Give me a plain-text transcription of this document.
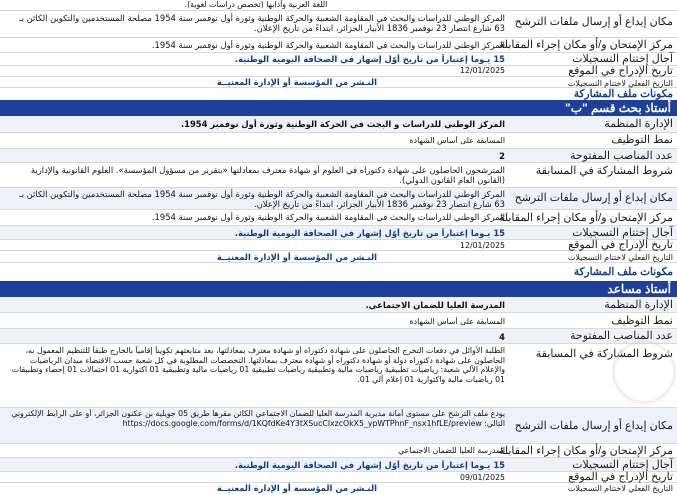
اللغة العربية وآدابها (تخصص دراسات لغوية).
مكان إيداع أو إرسال ملفات الترشح
المركز الوطني للدراسات والبحث في المقاومة الشعبية والحركة الوطنية وثورة أول نوفمبر سنة 1954 مصلحة المستخدمين والتكوين الكائن بـ 63 شارع انتصار 23 نوفمبر 1836 الأبيار الجزائر، ابتداءً من تاريخ الإعلان.
مركز الإمتحان و/أو مكان إجراء المقابلة
المركز الوطني للدراسات والبحث في المقاومة الشعبية والحركة الوطنية وثورة أول نوفمبر سنة 1954.
آجال إختتام التسجيلات
15 يـوما إعتباراً من تاريخ أوّل إشهار في الصحافة اليومية الوطنية.
تاريخ الإدراج في الموقع
12/01/2025
التاريخ الفعلي لاختتام التسجيلات
النـشر من المؤسسة أو الإدارة المعنيــة
مكونات ملف المشاركة
أستاذ بحث قسم "ب"
الإدارة المنظمة
المركز الوطني للدراسات و البحث في الحركة الوطنية وثورة أول نوفمبر 1954.
نمط التوظيف
المسابقة على أساس الشهادة
عدد المناصب المفتوحة
2
شروط المشاركة في المسابقة
المترشحون الحاصلون على شهادة دكتوراه في العلوم أو شهادة معترف بمعادلتها «بتقرير من مسؤول المؤسسة». العلوم القانونية والإدارية (القانون العام القانون الدولي).
مكان إيداع أو إرسال ملفات الترشح
المركز الوطني للدراسات والبحث في المقاومة الشعبية والحركة الوطنية وثورة أول نوفمبر سنة 1954 مصلحة المستخدمين والتكوين الكائن بـ 63 شارع انتصار 23 نوفمبر 1836 الأبيار الجزائر، ابتداءً من تاريخ الإعلان.
مركز الإمتحان و/أو مكان إجراء المقابلة
المركز الوطني للدراسات والبحث في المقاومة الشعبية والحركة الوطنية وثورة أول نوفمبر سنة 1954.
آجال إختتام التسجيلات
15 يـوما إعتباراً من تاريخ أوّل إشهار في الصحافة اليومية الوطنية.
تاريخ الإدراج في الموقع
12/01/2025
التاريخ الفعلي لاختتام التسجيلات
النـشر من المؤسسة أو الإدارة المعنيــة
مكونات ملف المشاركة
أستاذ مساعد
الإدارة المنظمة
المدرسة العليا للضمان الاجتماعي.
نمط التوظيف
المسابقة على أساس الشهادة
عدد المناصب المفتوحة
4
شروط المشاركة في المسابقة
الطلبة الأوائل في دفعات التخرج الحاصلون على شهادة دكتوراه أو شهادة معترف بمعادلتها، بعد متابعتهم تكويناً إقامياً بالخارج طبقاً للتنظيم المعمول به، الحاصلون على شهادة دكتوراه دولة أو شهادة دكتوراه أو شهادة معترف بمعادلتها. التخصصات المطلوبة في كل شعبة حسب الاقتضاء ميدان الرياضيات والإعلام الآلي شعبة: رياضيات تطبيقية رياضيات مالية وتطبيقية رياضيات تطبيقية 01 رياضيات مالية وتطبيقية 01 اكتوارية 01 احتمالات 01 إحصاء وتطبيقات 01 رياضيات مالية واكتوارية 01 إعلام آلي 01.
مكان إيداع أو إرسال ملفات الترشح
يودع ملف الترشح على مستوى أمانة مديرية المدرسة العليا للضمان الاجتماعي الكائن مقرها طريق 05 جويلية بن عكنون الجزائر، أو على الرابط الإلكتروني التالي: https://docs.google.com/forms/d/1KQfdKe4Y3tXSucClxzcOkX5_ypWTPhnF_nsx1hfLE/preview
مركز الإمتحان و/أو مكان إجراء المقابلة
المدرسة العليا للضمان الاجتماعي
آجال إختتام التسجيلات
15 يـوما إعتباراً من تاريخ أوّل إشهار في الصحافة اليومية الوطنية.
تاريخ الإدراج في الموقع
09/01/2025
التاريخ الفعلي لاختتام التسجيلات
النـشر من المؤسسة أو الإدارة المعنيــة
